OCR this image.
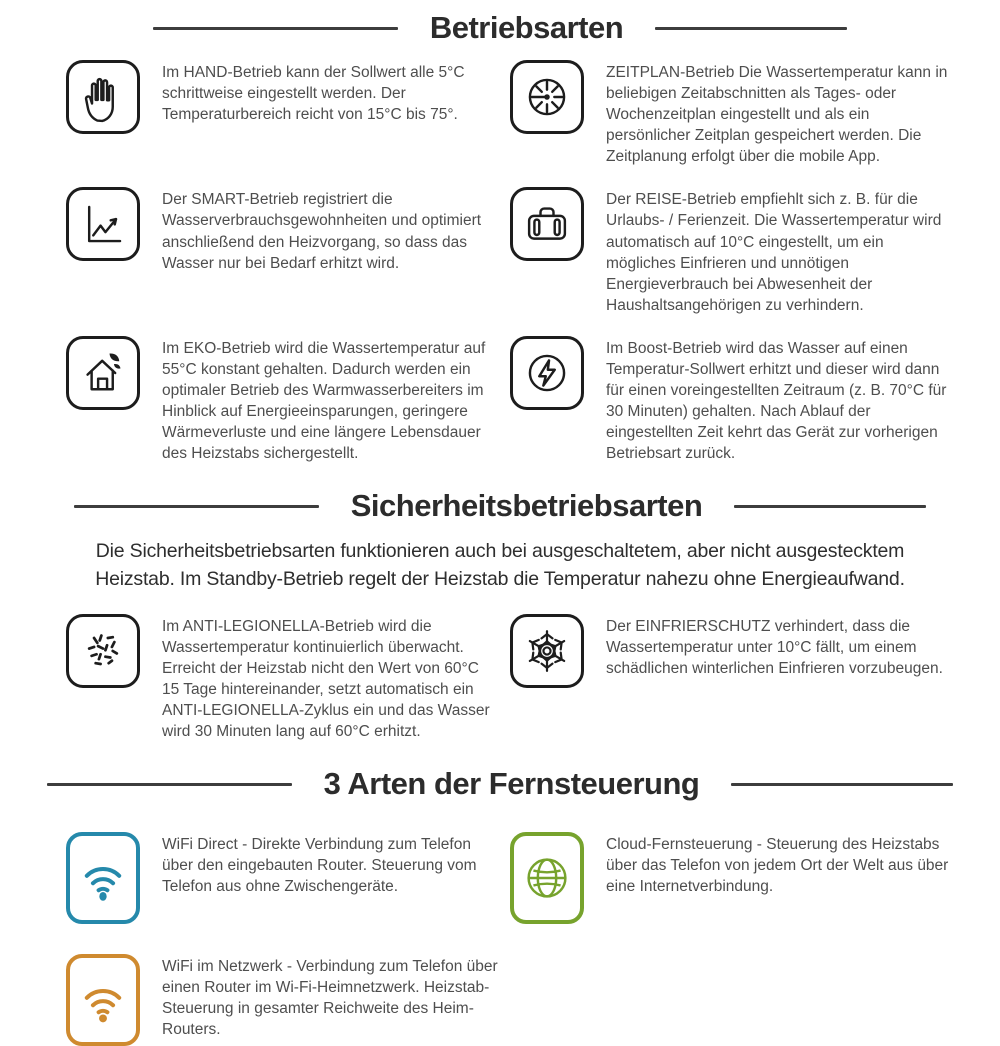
Betriebsarten

Im HAND-Betrieb kann der Sollwert alle 5°C schrittweise eingestellt werden. Der Temperaturbereich reicht von 15°C bis 75°.

ZEITPLAN-Betrieb Die Wassertemperatur kann in beliebigen Zeitabschnitten als Tages- oder Wochenzeitplan eingestellt und als ein persönlicher Zeitplan gespeichert werden. Die Zeitplanung erfolgt über die mobile App.

Der SMART-Betrieb registriert die Wasserverbrauchsgewohnheiten und optimiert anschließend den Heizvorgang, so dass das Wasser nur bei Bedarf erhitzt wird.

Der REISE-Betrieb empfiehlt sich z. B. für die Urlaubs- / Ferienzeit. Die Wassertemperatur wird automatisch auf 10°C eingestellt, um ein mögliches Einfrieren und unnötigen Energieverbrauch bei Abwesenheit der Haushaltsangehörigen zu verhindern.

Im EKO-Betrieb wird die Wassertemperatur auf 55°C konstant gehalten. Dadurch werden ein optimaler Betrieb des Warmwasserbereiters im Hinblick auf Energieeinsparungen, geringere Wärmeverluste und eine längere Lebensdauer des Heizstabs sichergestellt.

Im Boost-Betrieb wird das Wasser auf einen Temperatur-Sollwert erhitzt und dieser wird dann für einen voreingestellten Zeitraum (z. B. 70°C für 30 Minuten) gehalten. Nach Ablauf der eingestellten Zeit kehrt das Gerät zur vorherigen Betriebsart zurück.

Sicherheitsbetriebsarten

Die Sicherheitsbetriebsarten funktionieren auch bei ausgeschaltetem, aber nicht ausgestecktem Heizstab. Im Standby-Betrieb regelt der Heizstab die Temperatur nahezu ohne Energieaufwand.

Im ANTI-LEGIONELLA-Betrieb wird die Wassertemperatur kontinuierlich überwacht. Erreicht der Heizstab nicht den Wert von 60°C 15 Tage hintereinander, setzt automatisch ein ANTI-LEGIONELLA-Zyklus ein und das Wasser wird 30 Minuten lang auf 60°C erhitzt.

Der EINFRIERSCHUTZ verhindert, dass die Wassertemperatur unter 10°C fällt, um einem schädlichen winterlichen Einfrieren vorzubeugen.

3 Arten der Fernsteuerung

WiFi Direct - Direkte Verbindung zum Telefon über den eingebauten Router. Steuerung vom Telefon aus ohne Zwischengeräte.

Cloud-Fernsteuerung - Steuerung des Heizstabs über das Telefon von jedem Ort der Welt aus über eine Internetverbindung.

WiFi im Netzwerk - Verbindung zum Telefon über einen Router im Wi-Fi-Heimnetzwerk. Heizstab-Steuerung in gesamter Reichweite des Heim-Routers.
